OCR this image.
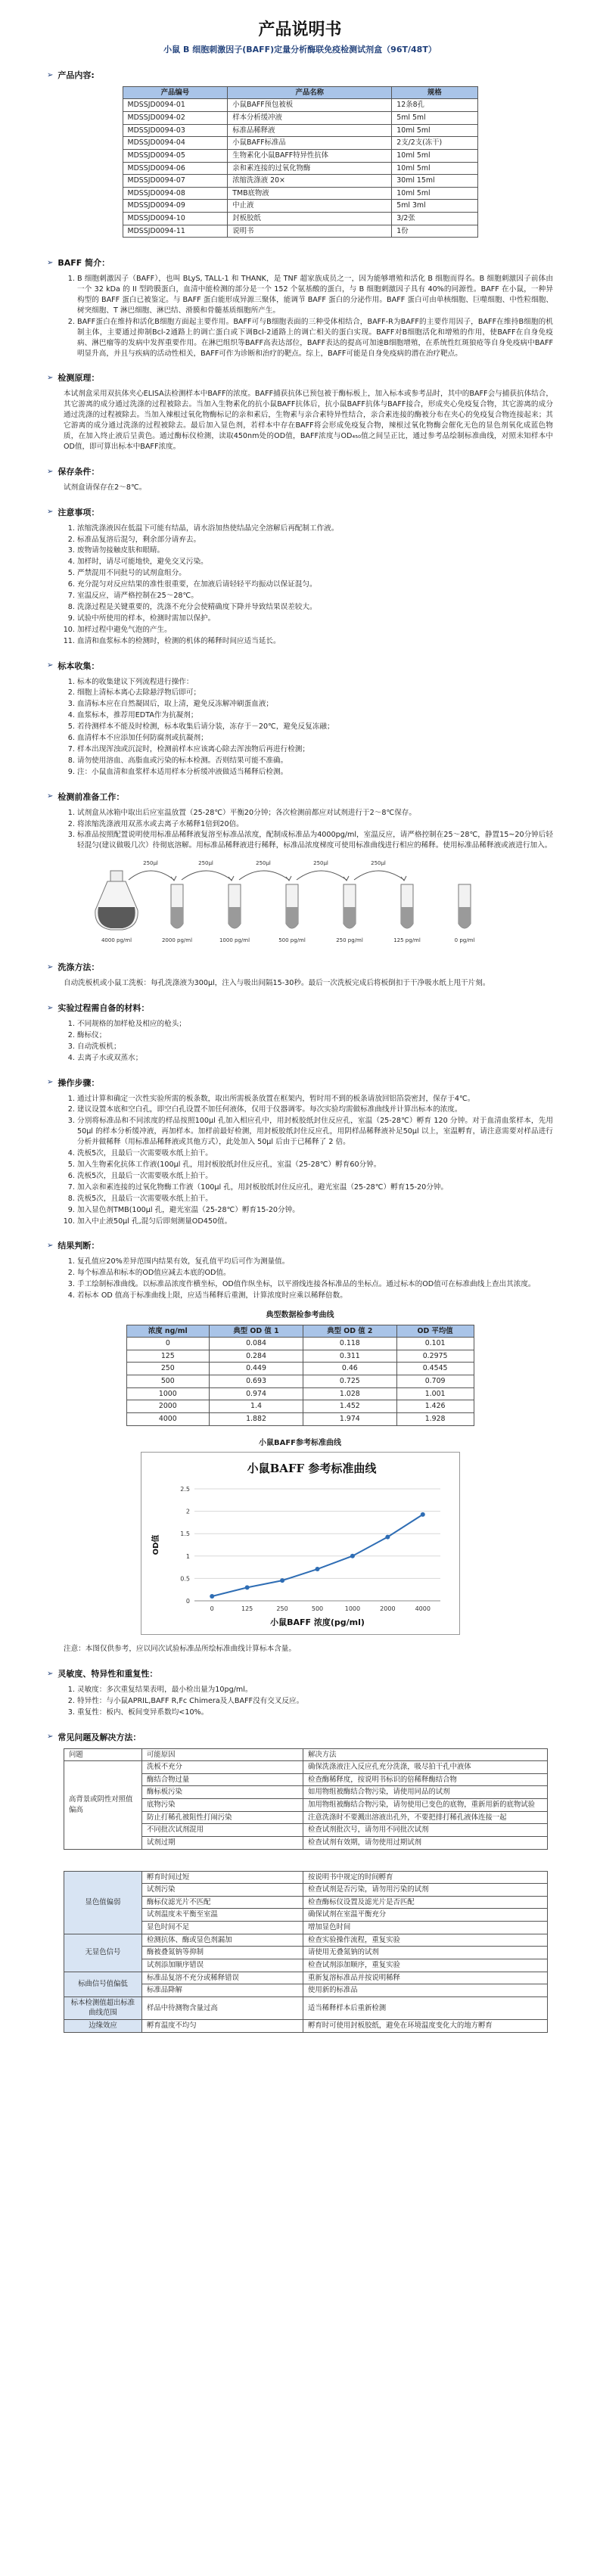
产品说明书
小鼠 B 细胞刺激因子(BAFF)定量分析酶联免疫检测试剂盒（96T/48T）
➢ 产品内容:
产品编号	产品名称	规格
MDSSJD0094-01	小鼠BAFF预包被板	12条8孔
MDSSJD0094-02	样本分析缓冲液	5ml 5ml
MDSSJD0094-03	标准品稀释液	10ml 5ml
MDSSJD0094-04	小鼠BAFF标准品	2支/2支(冻干)
MDSSJD0094-05	生物素化小鼠BAFF特异性抗体	10ml 5ml
MDSSJD0094-06	亲和素连接的过氧化物酶	10ml 5ml
MDSSJD0094-07	浓缩洗涤液 20×	30ml 15ml
MDSSJD0094-08	TMB底物液	10ml 5ml
MDSSJD0094-09	中止液	5ml 3ml
MDSSJD0094-10	封板胶纸	3/2张
MDSSJD0094-11	说明书	1份
➢ BAFF 简介：
1. B 细胞刺激因子（BAFF），也叫 BLyS, TALL-1 和 THANK，是 TNF 超家族成员之一，因为能够增殖和活化 B 细胞而得名。B 细胞刺激因子前体由一个 32 kDa 的 II 型跨膜蛋白，血清中能检测的部分是一个 152 个氨基酸的蛋白，与 B 细胞刺激因子具有 40%的同源性。BAFF 在小鼠，一种异构型的 BAFF 蛋白已被鉴定。与 BAFF 蛋白能形成异源三聚体，能调节 BAFF 蛋白的分泌作用。BAFF 蛋白可由单核细胞、巨噬细胞、中性粒细胞、树突细胞、T 淋巴细胞、淋巴结、滑膜和骨髓基质细胞所产生。
2. BAFF蛋白在维持和活化B细胞方面起主要作用。BAFF可与B细胞表面的三种受体相结合，BAFF-R为BAFF的主要作用因子，BAFF在维持B细胞的机制主体，主要通过抑制Bcl-2通路上的调亡蛋白或下调Bcl-2通路上的调亡相关的蛋白实现。BAFF对B细胞活化和增殖的作用，使BAFF在自身免疫病、淋巴瘤等的发病中发挥重要作用。在淋巴组织等BAFF高表达部位，BAFF表达的提高可加速B细胞增殖，在系统性红斑狼疮等自身免疫病中BAFF明显升高，并且与疾病的活动性相关，BAFF可作为诊断和治疗的靶点。综上，BAFF可能是自身免疫病的潜在治疗靶点。
➢ 检测原理：
本试剂盒采用双抗体夹心ELISA法检测样本中BAFF的浓度。BAFF捕获抗体已预包被于酶标板上，加入标本或参考品时，其中的BAFF会与捕获抗体结合，其它游离的成分通过洗涤的过程被除去。当加入生物素化的抗小鼠BAFF抗体后，抗小鼠BAFF抗体与BAFF接合，形成夹心免疫复合物，其它游离的成分通过洗涤的过程被除去。当加入辣根过氧化物酶标记的亲和素后，生物素与亲合素特异性结合，亲合素连接的酶被分布在夹心的免疫复合物连接起来；其它游离的成分通过洗涤的过程被除去。最后加入显色剂，若样本中存在BAFF将会形成免疫复合物，辣根过氧化物酶会催化无色的显色剂氧化成蓝色物质，在加入终止液后呈黄色。通过酶标仪检测，读取450nm处的OD值，BAFF浓度与OD₄₅₀值之间呈正比，通过参考品绘制标准曲线，对照未知样本中OD值，即可算出标本中BAFF浓度。
➢ 保存条件：
试剂盒请保存在2～8℃。
➢ 注意事项：
1. 浓缩洗涤液因在低温下可能有结晶，请水浴加热使结晶完全溶解后再配制工作液。
2. 标准品复溶后混匀，剩余部分请弃去。
3. 废物请勿接触皮肤和眼睛。
4. 加样时，请尽可能地快，避免交叉污染。
5. 严禁混用不同批号的试剂盒组分。
6. 充分混匀对反应结果的准性很重要，在加液后请轻轻平均振动以保证混匀。
7. 室温反应，请严格控制在25～28℃。
8. 洗涤过程是关键重要的，洗涤不充分会使精确度下降并导致结果误差较大。
9. 试验中所使用的样本，检测时需加以保护。
10. 加样过程中避免气泡的产生。
11. 血清和血浆标本的检测时，检测的机体的稀释时间应适当延长。
➢ 标本收集：
1. 标本的收集建议下列流程进行操作：
2. 细胞上清标本离心去除悬浮物后即可；
3. 血清标本应在自然凝固后，取上清，避免反冻解冲刷蛋血液；
4. 血浆标本，推荐用EDTA作为抗凝剂；
5. 若待测样本不能及时检测，标本收集后请分装，冻存于－20℃，避免反复冻融；
6. 血清样本不应添加任何防腐剂或抗凝剂；
7. 样本出现浑浊或沉淀时，检测前样本应该离心除去浑浊物后再进行检测；
8. 请勿使用溶血、高脂血或污染的标本检测。否则结果可能不准确。
9. 注：小鼠血清和血浆样本适用样本分析缓冲液做适当稀释后检测。
➢ 检测前准备工作：
1. 试剂盒从冰箱中取出后应室温放置（25-28℃）平衡20分钟；各次检测前都应对试剂进行于2～8℃保存。
2. 将浓缩洗涤液用双蒸水或去离子水稀释1倍到20倍。
3. 标准品按照配置说明使用标准品稀释液复溶至标准品浓度，配制成标准品为4000pg/ml，室温反应，请严格控制在25～28℃，静置15~20分钟后轻轻混匀(建议做吸几次）待彻底溶解。用标准品稀释液进行稀释，标准品浓度梯度可使用标准曲线进行相应的稀释。使用标准品稀释液或液进行加入。
4000 pg/ml	2000 pg/ml	1000 pg/ml	500 pg/ml	250 pg/ml	125 pg/ml	0 pg/ml
250μl	250μl	250μl	250μl	250μl
➢ 洗涤方法：
自动洗板机或小鼠工洗板：每孔洗涤液为300μl，注入与吸出间隔15-30秒。最后一次洗板完成后将板倒扣于干净吸水纸上甩干片刻。
➢ 实验过程需自备的材料：
1. 不同规格的加样枪及相应的枪头；
2. 酶标仪；
3. 自动洗板机；
4. 去离子水或双蒸水；
➢ 操作步骤：
1. 通过计算和确定一次性实验所需的板条数，取出所需板条放置在框架内，暂时用不到的板条请放回铝箔袋密封，保存于4℃。
2. 建议设置本底和空白孔，即空白孔设置不加任何液体，仅用于仪器调零。每次实验均需做标准曲线并计算出标本的浓度。
3. 分别将标准品和不同浓度的样品按照100μl 孔加入相应孔中，用封板胶纸封住反应孔，室温（25-28℃）孵育 120 分钟。对于血清血浆样本，先用 50μl 的样本分析缓冲液，再加样本。加样前最好检测，用封板胶纸封住反应孔，用阴样品稀释液补足50μl 以上，室温孵育，请注意需要对样品进行分析并做稀释（用标准品稀释液或其他方式），此处加入 50μl 后由于已稀释了 2 倍。
4. 洗板5次，且最后一次需要吸水纸上拍干。
5. 加入生物素化抗体工作液(100μl 孔，用封板胶纸封住反应孔，室温（25-28℃）孵育60分钟。
6. 洗板5次，且最后一次需要吸水纸上拍干。
7. 加入亲和素连接的过氧化物酶工作液（100μl 孔，用封板胶纸封住反应孔，避光室温（25-28℃）孵育15-20分钟。
8. 洗板5次，且最后一次需要吸水纸上拍干。
9. 加入显色剂TMB(100μl 孔，避光室温（25-28℃）孵育15-20分钟。
10. 加入中止液50μl 孔,混匀后即刻测量OD450值。
➢ 结果判断：
1. 复孔值应20%差异范围内结果有效，复孔值平均后可作为测量值。
2. 每个标准品和标本的OD值应减去本底的OD值。
3. 手工绘制标准曲线。以标准品浓度作横坐标，OD值作纵坐标，以平滑线连接各标准品的坐标点。通过标本的OD值可在标准曲线上查出其浓度。
4. 若标本 OD 值高于标准曲线上限，应适当稀释后重测，计算浓度时应乘以稀释倍数。
典型数据检参考曲线
浓度 ng/ml	典型 OD 值 1	典型 OD 值 2	OD 平均值
0	0.084	0.118	0.101
125	0.284	0.311	0.2975
250	0.449	0.46	0.4545
500	0.693	0.725	0.709
1000	0.974	1.028	1.001
2000	1.4	1.452	1.426
4000	1.882	1.974	1.928
小鼠BAFF参考标准曲线
小鼠BAFF 参考标准曲线
0
0.5
1
1.5
2
2.5
OD值
0	125	250	500	1000	2000	4000
小鼠BAFF 浓度(pg/ml)
注意：本图仅供参考，应以同次试验标准品所绘标准曲线计算标本含量。
➢ 灵敏度、特异性和重复性：
1. 灵敏度：多次重复结果表明，最小检出量为10pg/ml。
2. 特异性：与小鼠APRIL,BAFF R,Fc Chimera及人BAFF没有交叉反应。
3. 重复性：板内、板间变异系数均<10%。
➢ 常见问题及解决方法：
问题	可能原因	解决方法
高背景或阴性对照值偏高	洗板不充分	确保洗涤液注入反应孔充分洗涤，吸尽拍干孔中液体
	酶结合物过量	检查酶稀释度，按说明书标识的倍稀释酶结合物
	酶标板污染	如用物组被酶结合物污染，请使用同品的试剂
	底物污染	加用物组被酶结合物污染，请勿使用已变色的底物，重新用新的底物试验
	防止打稀孔被阻性打闹污染	注意洗涤时不要溅出溶液出孔外，不要把排打稀孔液体连接一起
	不同批次试剂混用	检查试剂批次号，请勿用不同批次试剂
	试剂过期	检查试剂有效期，请勿使用过期试剂
显色值偏弱	孵育时间过短	按说明书中规定的时间孵育
	试剂污染	检查试剂是否污染，请勿用污染的试剂
	酶标仪滤光片不匹配	检查酶标仪设置及滤光片是否匹配
	试剂温度未平衡至室温	确保试剂在室温平衡充分
	显色时间不足	增加显色时间
无显色信号	检测抗体、酶或显色剂漏加	检查实验操作流程，重复实验
	酶被叠氮钠等抑制	请使用无叠氮钠的试剂
	试剂添加顺序错误	检查试剂添加顺序，重复实验
标曲信号值偏低	标准品复溶不充分或稀释错误	重新复溶标准品并按说明稀释
	标准品降解	使用新的标准品
标本检测值超出标准曲线范围	样品中待测物含量过高	适当稀释样本后重新检测
边缘效应	孵育温度不均匀	孵育时可使用封板胶纸，避免在环境温度变化大的地方孵育
